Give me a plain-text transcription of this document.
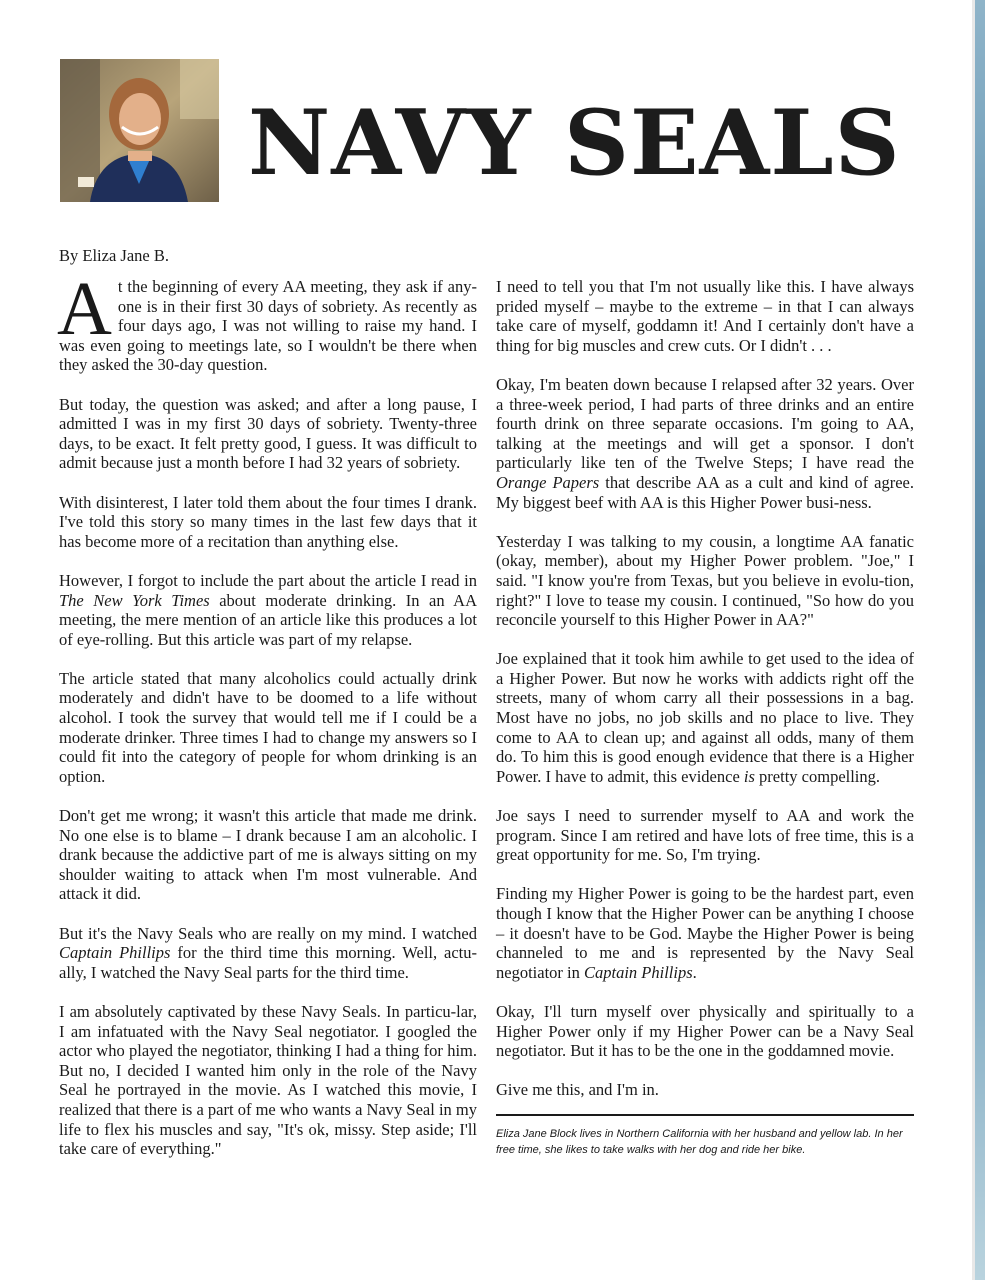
NAVY SEALS
By Eliza Jane B.

At the beginning of every AA meeting, they ask if any-one is in their first 30 days of sobriety. As recently as four days ago, I was not willing to raise my hand. I was even going to meetings late, so I wouldn't be there when they asked the 30-day question.

But today, the question was asked; and after a long pause, I admitted I was in my first 30 days of sobriety. Twenty-three days, to be exact. It felt pretty good, I guess. It was difficult to admit because just a month before I had 32 years of sobriety.

With disinterest, I later told them about the four times I drank. I've told this story so many times in the last few days that it has become more of a recitation than anything else.

However, I forgot to include the part about the article I read in The New York Times about moderate drinking. In an AA meeting, the mere mention of an article like this produces a lot of eye-rolling. But this article was part of my relapse.

The article stated that many alcoholics could actually drink moderately and didn't have to be doomed to a life without alcohol. I took the survey that would tell me if I could be a moderate drinker. Three times I had to change my answers so I could fit into the category of people for whom drinking is an option.

Don't get me wrong; it wasn't this article that made me drink. No one else is to blame – I drank because I am an alcoholic. I drank because the addictive part of me is always sitting on my shoulder waiting to attack when I'm most vulnerable. And attack it did.

But it's the Navy Seals who are really on my mind. I watched Captain Phillips for the third time this morning. Well, actu-ally, I watched the Navy Seal parts for the third time.

I am absolutely captivated by these Navy Seals. In particu-lar, I am infatuated with the Navy Seal negotiator. I googled the actor who played the negotiator, thinking I had a thing for him. But no, I decided I wanted him only in the role of the Navy Seal he portrayed in the movie. As I watched this movie, I realized that there is a part of me who wants a Navy Seal in my life to flex his muscles and say, "It's ok, missy. Step aside; I'll take care of everything."

I need to tell you that I'm not usually like this. I have always prided myself – maybe to the extreme – in that I can always take care of myself, goddamn it! And I certainly don't have a thing for big muscles and crew cuts. Or I didn't . . .

Okay, I'm beaten down because I relapsed after 32 years. Over a three-week period, I had parts of three drinks and an entire fourth drink on three separate occasions. I'm going to AA, talking at the meetings and will get a sponsor. I don't particularly like ten of the Twelve Steps; I have read the Orange Papers that describe AA as a cult and kind of agree. My biggest beef with AA is this Higher Power busi-ness.

Yesterday I was talking to my cousin, a longtime AA fanatic (okay, member), about my Higher Power problem. "Joe," I said. "I know you're from Texas, but you believe in evolu-tion, right?" I love to tease my cousin. I continued, "So how do you reconcile yourself to this Higher Power in AA?"

Joe explained that it took him awhile to get used to the idea of a Higher Power. But now he works with addicts right off the streets, many of whom carry all their possessions in a bag. Most have no jobs, no job skills and no place to live. They come to AA to clean up; and against all odds, many of them do. To him this is good enough evidence that there is a Higher Power. I have to admit, this evidence is pretty compelling.

Joe says I need to surrender myself to AA and work the program. Since I am retired and have lots of free time, this is a great opportunity for me. So, I'm trying.

Finding my Higher Power is going to be the hardest part, even though I know that the Higher Power can be anything I choose – it doesn't have to be God. Maybe the Higher Power is being channeled to me and is represented by the Navy Seal negotiator in Captain Phillips.

Okay, I'll turn myself over physically and spiritually to a Higher Power only if my Higher Power can be a Navy Seal negotiator. But it has to be the one in the goddamned movie.

Give me this, and I'm in.

Eliza Jane Block lives in Northern California with her husband and yellow lab. In her free time, she likes to take walks with her dog and ride her bike.
